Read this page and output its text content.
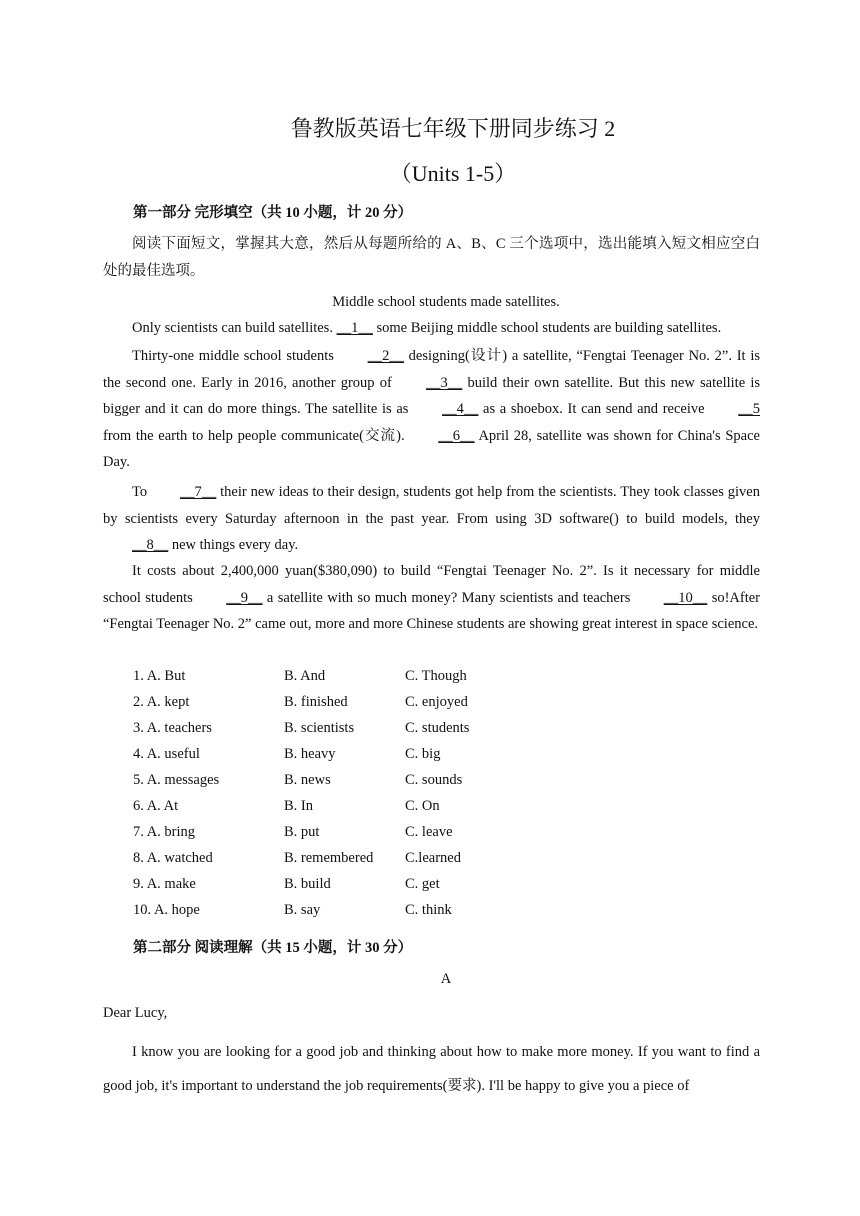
鲁教版英语七年级下册同步练习 2
（Units 1-5）
第一部分 完形填空（共 10 小题，计 20 分）
阅读下面短文，掌握其大意，然后从每题所给的 A、B、C 三个选项中，选出能填入短文相应空白处的最佳选项。
Middle school students made satellites.
Only scientists can build satellites. __1__ some Beijing middle school students are building satellites.
Thirty-one middle school students __2__ designing(设计) a satellite, “Fengtai Teenager No. 2”. It is the second one. Early in 2016, another group of __3__ build their own satellite. But this new satellite is bigger and it can do more things. The satellite is as __4__ as a shoebox. It can send and receive __5 from the earth to help people communicate(交流). __6__ April 28, satellite was shown for China's Space Day.
To __7__ their new ideas to their design, students got help from the scientists. They took classes given by scientists every Saturday afternoon in the past year. From using 3D software() to build models, they __8__ new things every day.
It costs about 2,400,000 yuan($380,090) to build “Fengtai Teenager No. 2”. Is it necessary for middle school students __9__ a satellite with so much money? Many scientists and teachers __10__ so!After “Fengtai Teenager No. 2” came out, more and more Chinese students are showing great interest in space science.
1. A. But	B. And	C. Though
2. A. kept	B. finished	C. enjoyed
3. A. teachers	B. scientists	C. students
4. A. useful	B. heavy	C. big
5. A. messages	B. news	C. sounds
6. A. At	B. In	C. On
7. A. bring	B. put	C. leave
8. A. watched	B. remembered C.learned
9. A. make	B. build	C. get
10. A. hope	B. say	C. think
第二部分 阅读理解（共 15 小题，计 30 分）
A
Dear Lucy,
I know you are looking for a good job and thinking about how to make more money. If you want to find a good job, it's important to understand the job requirements(要求). I'll be happy to give you a piece of
